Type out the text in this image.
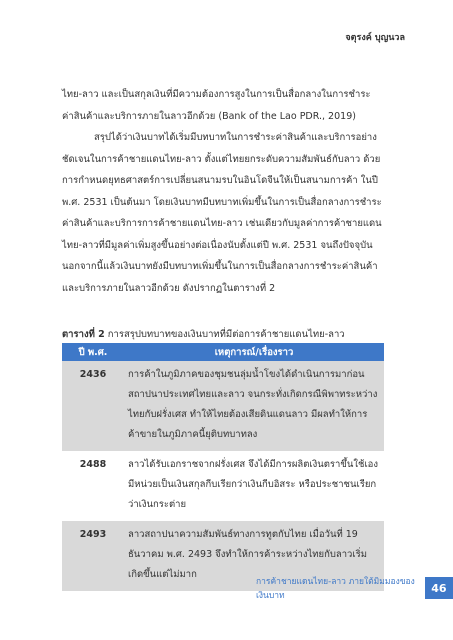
จตุรงค์ บุญนวล

ไทย-ลาว และเป็นสกุลเงินที่มีความต้องการสูงในการเป็นสื่อกลางในการชำระค่าสินค้าและบริการภายในลาวอีกด้วย (Bank of the Lao PDR., 2019)

สรุปได้ว่าเงินบาทได้เริ่มมีบทบาทในการชำระค่าสินค้าและบริการอย่างชัดเจนในการค้าชายแดนไทย-ลาว ตั้งแต่ไทยยกระดับความสัมพันธ์กับลาว ด้วยการกำหนดยุทธศาสตร์การเปลี่ยนสนามรบในอินโดจีนให้เป็นสนามการค้า ในปี พ.ศ. 2531 เป็นต้นมา โดยเงินบาทมีบทบาทเพิ่มขึ้นในการเป็นสื่อกลางการชำระค่าสินค้าและบริการการค้าชายแดนไทย-ลาว เช่นเดียวกับมูลค่าการค้าชายแดนไทย-ลาวที่มีมูลค่าเพิ่มสูงขึ้นอย่างต่อเนื่องนับตั้งแต่ปี พ.ศ. 2531 จนถึงปัจจุบัน นอกจากนี้แล้วเงินบาทยังมีบทบาทเพิ่มขึ้นในการเป็นสื่อกลางการชำระค่าสินค้าและบริการภายในลาวอีกด้วย ดังปรากฏในตารางที่ 2

ตารางที่ 2 การสรุปบทบาทของเงินบาทที่มีต่อการค้าชายแดนไทย-ลาว
ปี พ.ศ.	เหตุการณ์/เรื่องราว
2436	การค้าในภูมิภาคของชุมชนลุ่มน้ำโขงได้ดำเนินการมาก่อนสถาปนาประเทศไทยและลาว จนกระทั่งเกิดกรณีพิพาทระหว่างไทยกับฝรั่งเศส ทำให้ไทยต้องเสียดินแดนลาว มีผลทำให้การค้าขายในภูมิภาคนี้ยุติบทบาทลง
2488	ลาวได้รับเอกราชจากฝรั่งเศส จึงได้มีการผลิตเงินตราขึ้นใช้เอง มีหน่วยเป็นเงินสกุลกีบเรียกว่าเงินกีบอิสระ หรือประชาชนเรียกว่าเงินกระต่าย
2493	ลาวสถาปนาความสัมพันธ์ทางการทูตกับไทย เมื่อวันที่ 19 ธันวาคม พ.ศ. 2493 จึงทำให้การค้าระหว่างไทยกับลาวเริ่มเกิดขึ้นแต่ไม่มาก
การค้าชายแดนไทย-ลาว ภายใต้มิมมองของเงินบาท
46
